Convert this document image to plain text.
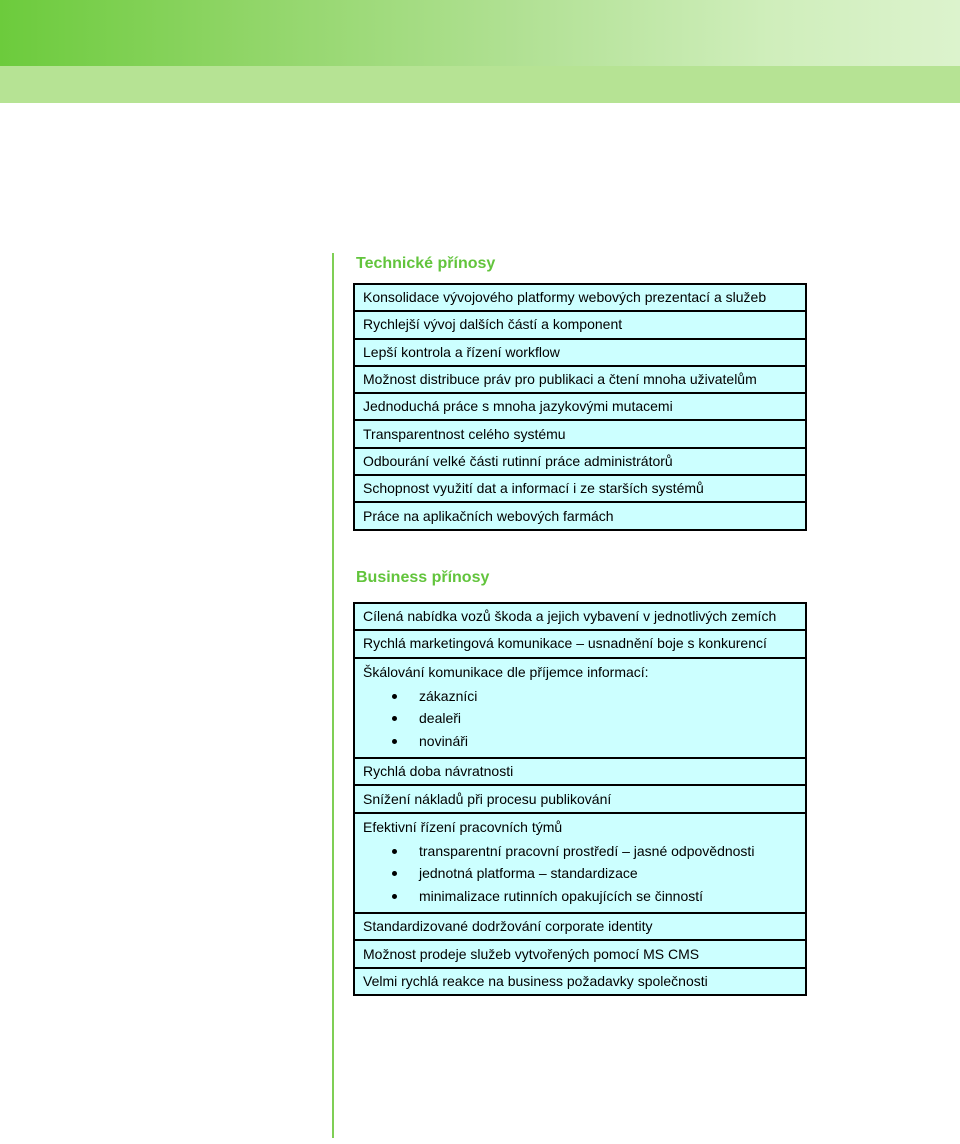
Technické přínosy
Konsolidace vývojového platformy webových prezentací a služeb
Rychlejší vývoj dalších částí a komponent
Lepší kontrola a řízení workflow
Možnost distribuce práv pro publikaci a čtení mnoha uživatelům
Jednoduchá práce s mnoha jazykovými mutacemi
Transparentnost celého systému
Odbourání velké části rutinní práce administrátorů
Schopnost využití dat a informací i ze starších systémů
Práce na aplikačních webových farmách
Business přínosy
Cílená nabídka vozů škoda a jejich vybavení v jednotlivých zemích
Rychlá marketingová komunikace – usnadnění boje s konkurencí

Škálování komunikace dle příjemce informací:
zákazníci
dealeři
novináři

Rychlá doba návratnosti
Snížení nákladů při procesu publikování

Efektivní řízení pracovních týmů
transparentní pracovní prostředí – jasné odpovědnosti
jednotná platforma – standardizace
minimalizace rutinních opakujících se činností

Standardizované dodržování corporate identity
Možnost prodeje služeb vytvořených pomocí MS CMS
Velmi rychlá reakce na business požadavky společnosti
